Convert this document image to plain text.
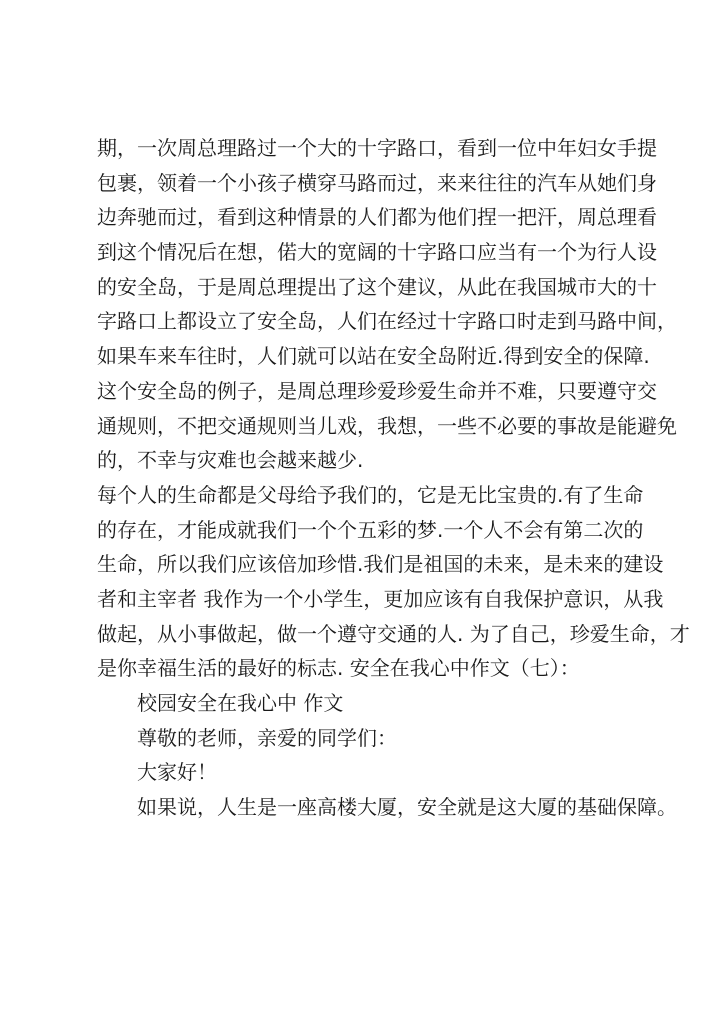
期，一次周总理路过一个大的十字路口，看到一位中年妇女手提
包裹，领着一个小孩子横穿马路而过，来来往往的汽车从她们身
边奔驰而过，看到这种情景的人们都为他们捏一把汗，周总理看
到这个情况后在想，偌大的宽阔的十字路口应当有一个为行人设
的安全岛，于是周总理提出了这个建议，从此在我国城市大的十
字路口上都设立了安全岛，人们在经过十字路口时走到马路中间，
如果车来车往时，人们就可以站在安全岛附近.得到安全的保障.
这个安全岛的例子，是周总理珍爱珍爱生命并不难，只要遵守交
通规则，不把交通规则当儿戏，我想，一些不必要的事故是能避免
的，不幸与灾难也会越来越少.
每个人的生命都是父母给予我们的，它是无比宝贵的.有了生命
的存在，才能成就我们一个个五彩的梦.一个人不会有第二次的
生命，所以我们应该倍加珍惜.我们是祖国的未来，是未来的建设
者和主宰者 我作为一个小学生，更加应该有自我保护意识，从我
做起，从小事做起，做一个遵守交通的人. 为了自己，珍爱生命，才
是你幸福生活的最好的标志. 安全在我心中作文（七）：
校园安全在我心中 作文
尊敬的老师，亲爱的同学们：
大家好！
如果说，人生是一座高楼大厦，安全就是这大厦的基础保障。
